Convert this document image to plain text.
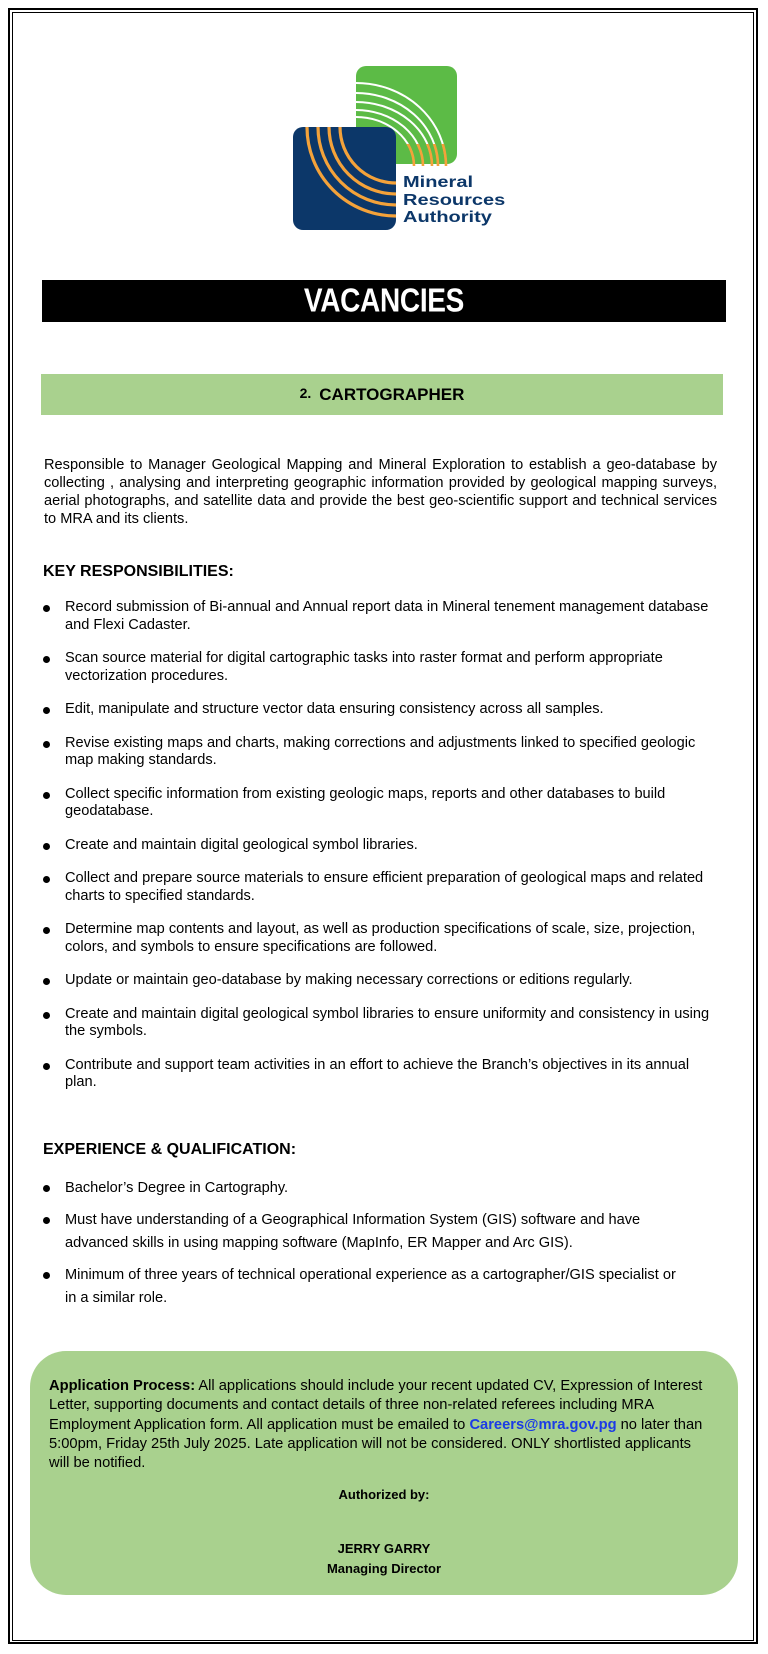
Mineral
Resources
Authority
VACANCIES
2. CARTOGRAPHER

Responsible to Manager Geological Mapping and Mineral Exploration to establish a geo-database by collecting , analysing and interpreting geographic information provided by geological mapping surveys, aerial photographs, and satellite data and provide the best geo-scientific support and technical services to MRA and its clients.

KEY RESPONSIBILITIES:
Record submission of Bi-annual and Annual report data in Mineral tenement management database and Flexi Cadaster.
Scan source material for digital cartographic tasks into raster format and perform appropriate vectorization procedures.
Edit, manipulate and structure vector data ensuring consistency across all samples.
Revise existing maps and charts, making corrections and adjustments linked to specified geologic map making standards.
Collect specific information from existing geologic maps, reports and other databases to build geodatabase.
Create and maintain digital geological symbol libraries.
Collect and prepare source materials to ensure efficient preparation of geological maps and related charts to specified standards.
Determine map contents and layout, as well as production specifications of scale, size, projection, colors, and symbols to ensure specifications are followed.
Update or maintain geo-database by making necessary corrections or editions regularly.
Create and maintain digital geological symbol libraries to ensure uniformity and consistency in using the symbols.
Contribute and support team activities in an effort to achieve the Branch’s objectives in its annual plan.
EXPERIENCE & QUALIFICATION:
Bachelor’s Degree in Cartography.
Must have understanding of a Geographical Information System (GIS) software and have advanced skills in using mapping software (MapInfo, ER Mapper and Arc GIS).
Minimum of three years of technical operational experience as a cartographer/GIS specialist or in a similar role.

Application Process: All applications should include your recent updated CV, Expression of Interest Letter, supporting documents and contact details of three non-related referees including MRA Employment Application form. All application must be emailed to Careers@mra.gov.pg no later than 5:00pm, Friday 25th July 2025. Late application will not be considered. ONLY shortlisted applicants will be notified.

Authorized by:
JERRY GARRY
Managing Director
